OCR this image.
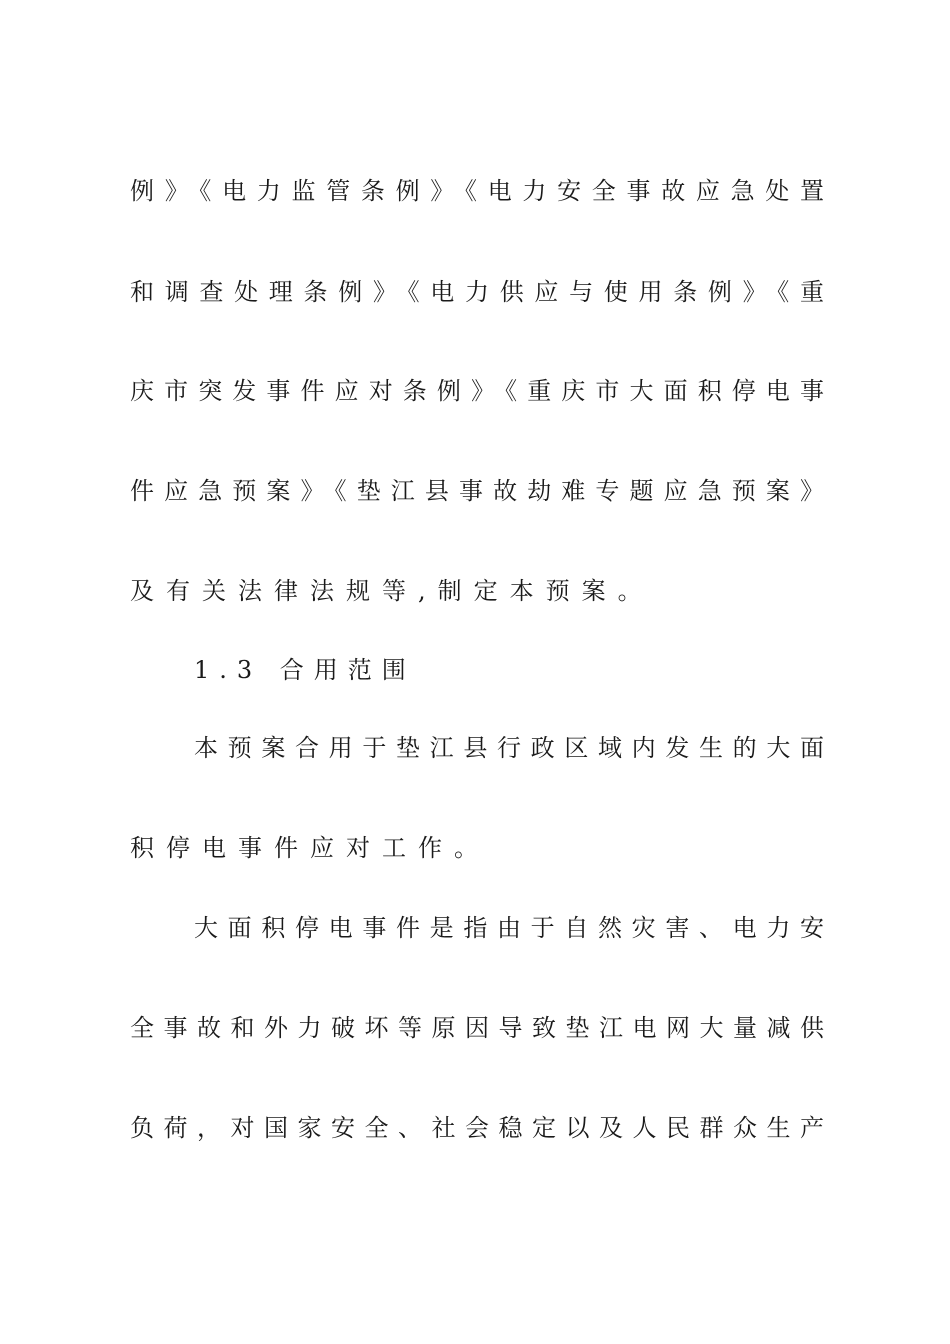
例》《电力监管条例》《电力安全事故应急处置
和调查处理条例》《电力供应与使用条例》《重
庆市突发事件应对条例》《重庆市大面积停电事
件应急预案》《垫江县事故劫难专题应急预案》
及有关法律法规等,制定本预案。
1.3 合用范围
本预案合用于垫江县行政区域内发生的大面
积停电事件应对工作。
大面积停电事件是指由于自然灾害、电力安
全事故和外力破坏等原因导致垫江电网大量减供
负荷，对国家安全、社会稳定以及人民群众生产
